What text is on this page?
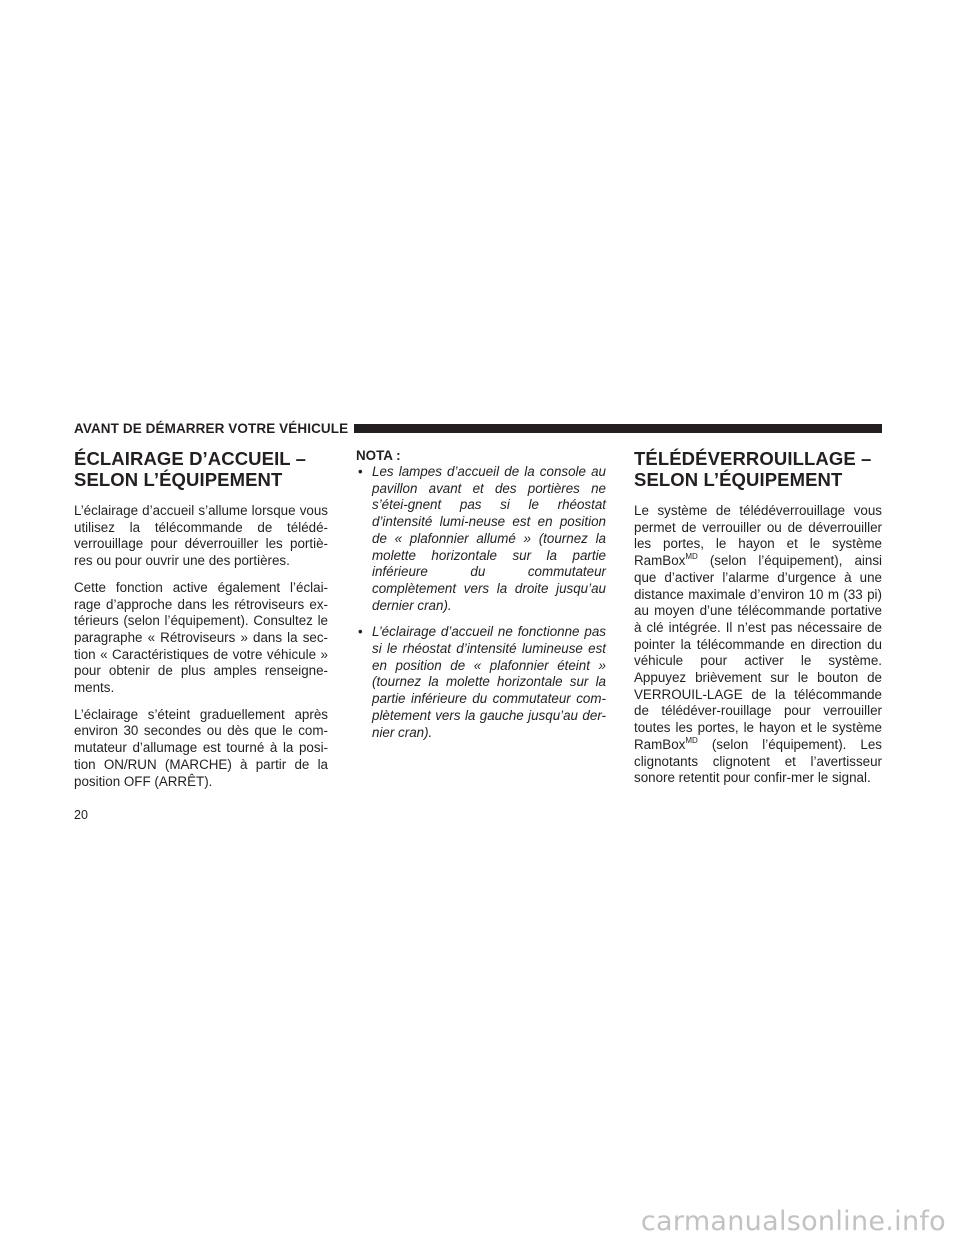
AVANT DE DÉMARRER VOTRE VÉHICULE
ÉCLAIRAGE D’ACCUEIL –
SELON L’ÉQUIPEMENT

L’éclairage d’accueil s’allume lorsque vous utilisez la télécommande de télédé-verrouillage pour déverrouiller les portiè-res ou pour ouvrir une des portières.

Cette fonction active également l’éclai-rage d’approche dans les rétroviseurs ex-térieurs (selon l’équipement). Consultez le paragraphe « Rétroviseurs » dans la sec-tion « Caractéristiques de votre véhicule » pour obtenir de plus amples renseigne-ments.

L’éclairage s’éteint graduellement après environ 30 secondes ou dès que le com-mutateur d’allumage est tourné à la posi-tion ON/RUN (MARCHE) à partir de la position OFF (ARRÊT).

NOTA :
• Les lampes d’accueil de la console au pavillon avant et des portières ne s’étei-gnent pas si le rhéostat d’intensité lumi-neuse est en position de « plafonnier allumé » (tournez la molette horizontale sur la partie inférieure du commutateur complètement vers la droite jusqu’au dernier cran).
• L’éclairage d’accueil ne fonctionne pas si le rhéostat d’intensité lumineuse est en position de « plafonnier éteint » (tournez la molette horizontale sur la partie inférieure du commutateur com-plètement vers la gauche jusqu’au der-nier cran).
TÉLÉDÉVERROUILLAGE –
SELON L’ÉQUIPEMENT

Le système de télédéverrouillage vous permet de verrouiller ou de déverrouiller les portes, le hayon et le système RamBox$^{MD}$ (selon l’équipement), ainsi que d’activer l’alarme d’urgence à une distance maximale d’environ 10 m (33 pi) au moyen d’une télécommande portative à clé intégrée. Il n’est pas nécessaire de pointer la télécommande en direction du véhicule pour activer le système. Appuyez brièvement sur le bouton de VERROUIL-LAGE de la télécommande de télédéver-rouillage pour verrouiller toutes les portes, le hayon et le système RamBox$^{MD}$ (selon l’équipement). Les clignotants clignotent et l’avertisseur sonore retentit pour confir-mer le signal.

20
carmanualsonline.info
